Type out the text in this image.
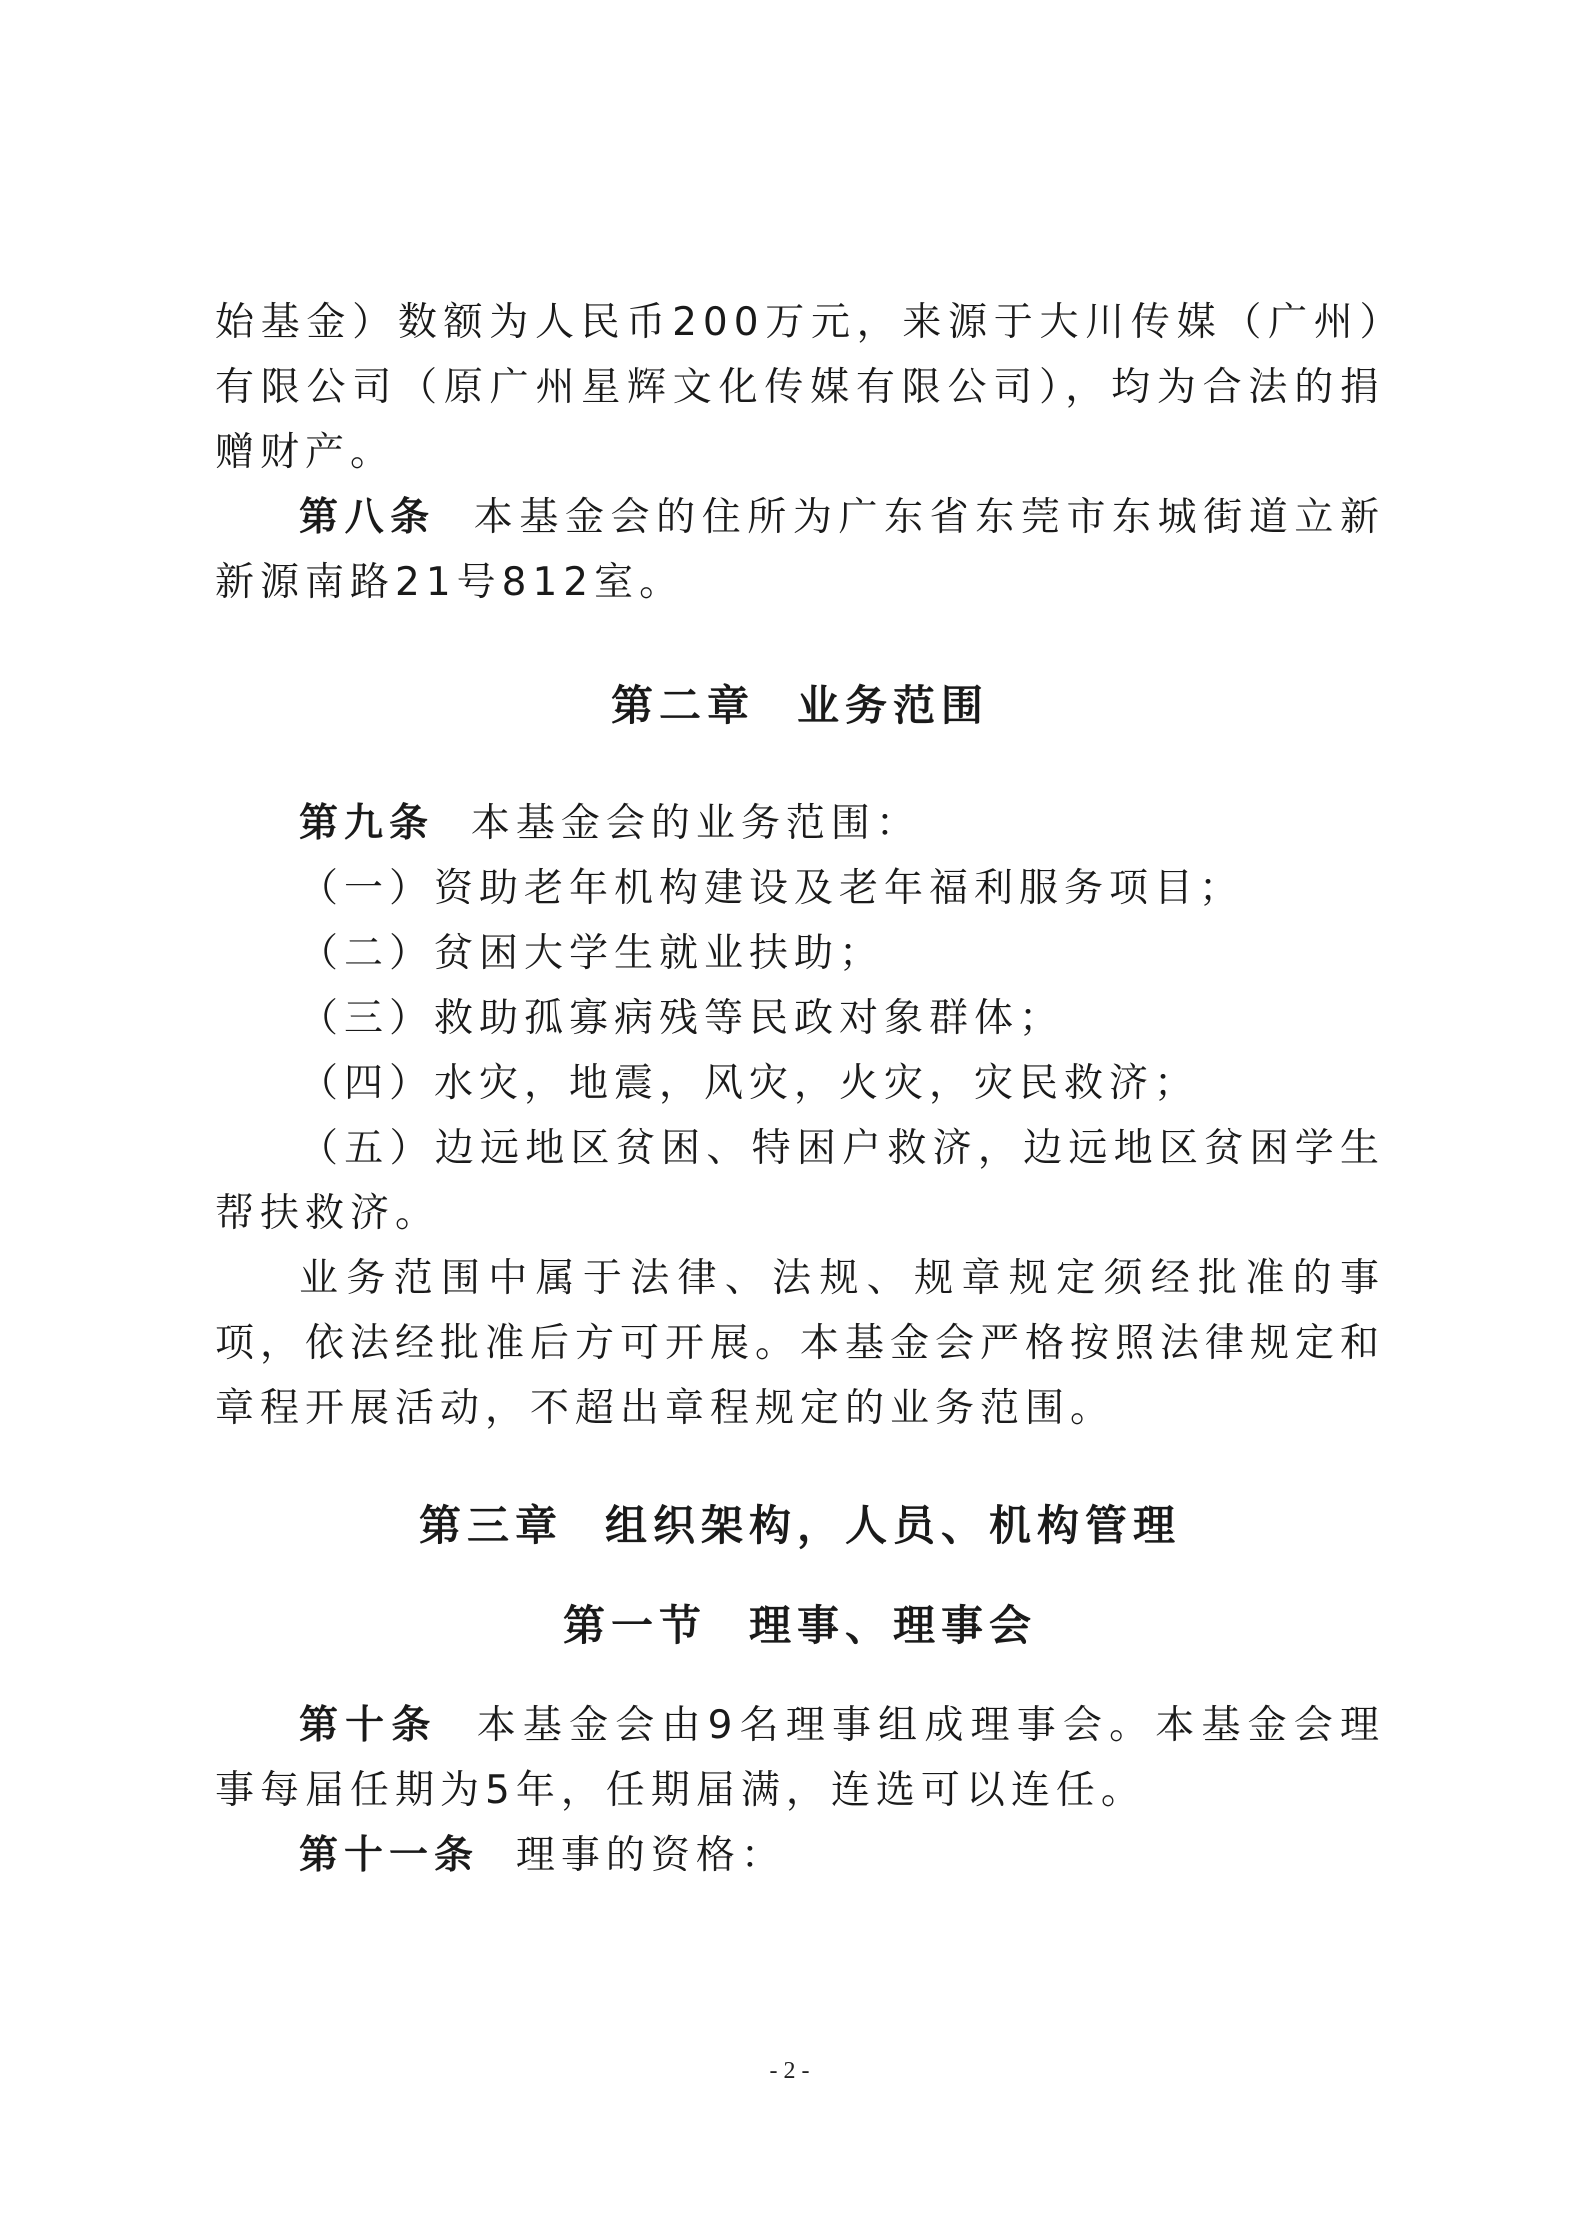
始基金）数额为人民币200万元，来源于大川传媒（广州）有限公司（原广州星辉文化传媒有限公司），均为合法的捐赠财产。

第八条 本基金会的住所为广东省东莞市东城街道立新新源南路21号812室。

第二章 业务范围

第九条 本基金会的业务范围：

（一）资助老年机构建设及老年福利服务项目；

（二）贫困大学生就业扶助；

（三）救助孤寡病残等民政对象群体；

（四）水灾，地震，风灾，火灾，灾民救济；

（五）边远地区贫困、特困户救济，边远地区贫困学生帮扶救济。

业务范围中属于法律、法规、规章规定须经批准的事项，依法经批准后方可开展。本基金会严格按照法律规定和章程开展活动，不超出章程规定的业务范围。

第三章 组织架构，人员、机构管理
第一节 理事、理事会

第十条 本基金会由9名理事组成理事会。本基金会理事每届任期为5年，任期届满，连选可以连任。

第十一条 理事的资格：

- 2 -
